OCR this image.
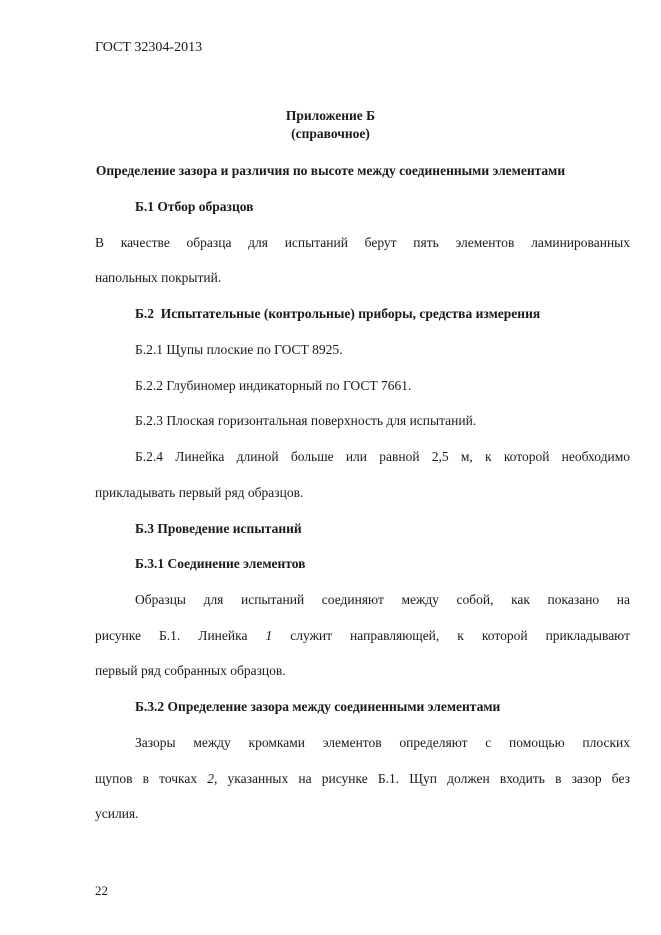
ГОСТ 32304-2013
Приложение Б
(справочное)
Определение зазора и различия по высоте между соединенными элементами
Б.1 Отбор образцов
В качестве образца для испытаний берут пять элементов ламинированных
напольных покрытий.
Б.2  Испытательные (контрольные) приборы, средства измерения
Б.2.1 Щупы плоские по ГОСТ 8925.
Б.2.2 Глубиномер индикаторный по ГОСТ 7661.
Б.2.3 Плоская горизонтальная поверхность для испытаний.
Б.2.4 Линейка длиной больше или равной 2,5 м, к которой необходимо
прикладывать первый ряд образцов.
Б.3 Проведение испытаний
Б.3.1 Соединение элементов
Образцы для испытаний соединяют между собой, как показано на
рисунке Б.1. Линейка 1 служит направляющей, к которой прикладывают
первый ряд собранных образцов.
Б.3.2 Определение зазора между соединенными элементами
Зазоры между кромками элементов определяют с помощью плоских
щупов в точках 2, указанных на рисунке Б.1. Щуп должен входить в зазор без
усилия.
22
